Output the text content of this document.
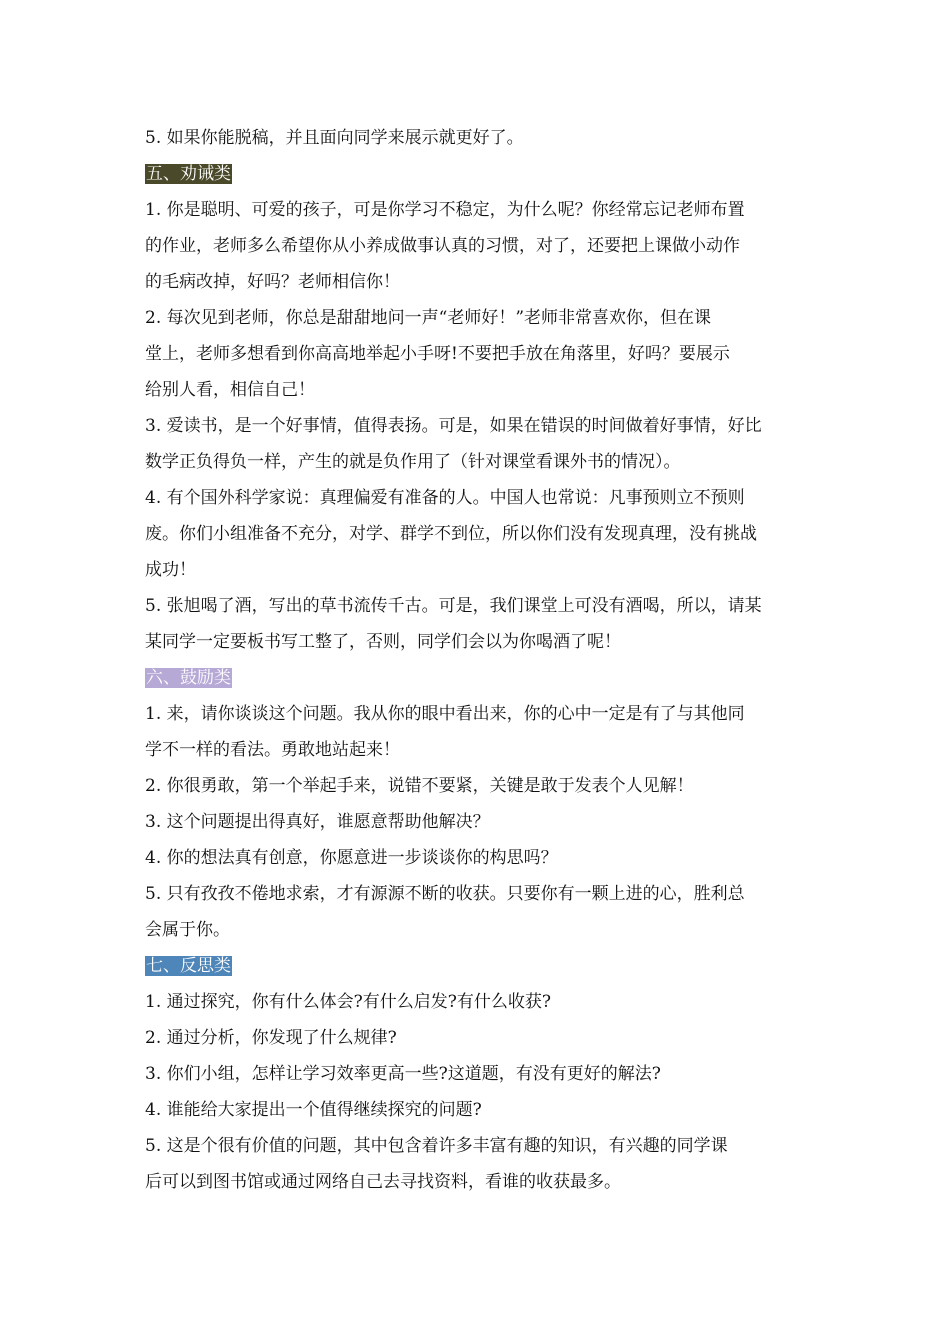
5. 如果你能脱稿，并且面向同学来展示就更好了。

五、劝诫类

1. 你是聪明、可爱的孩子，可是你学习不稳定，为什么呢？你经常忘记老师布置

的作业，老师多么希望你从小养成做事认真的习惯，对了，还要把上课做小动作

的毛病改掉，好吗？老师相信你！

2. 每次见到老师，你总是甜甜地问一声“老师好！”老师非常喜欢你，但在课

堂上，老师多想看到你高高地举起小手呀!不要把手放在角落里，好吗？要展示

给别人看，相信自己！

3. 爱读书，是一个好事情，值得表扬。可是，如果在错误的时间做着好事情，好比

数学正负得负一样，产生的就是负作用了（针对课堂看课外书的情况）。

4. 有个国外科学家说：真理偏爱有准备的人。中国人也常说：凡事预则立不预则

废。你们小组准备不充分，对学、群学不到位，所以你们没有发现真理，没有挑战

成功！

5. 张旭喝了酒，写出的草书流传千古。可是，我们课堂上可没有酒喝，所以，请某

某同学一定要板书写工整了，否则，同学们会以为你喝酒了呢！

六、鼓励类

1. 来，请你谈谈这个问题。我从你的眼中看出来，你的心中一定是有了与其他同

学不一样的看法。勇敢地站起来！

2. 你很勇敢，第一个举起手来，说错不要紧，关键是敢于发表个人见解！

3. 这个问题提出得真好，谁愿意帮助他解决？

4. 你的想法真有创意，你愿意进一步谈谈你的构思吗？

5. 只有孜孜不倦地求索，才有源源不断的收获。只要你有一颗上进的心，胜利总

会属于你。

七、反思类

1. 通过探究，你有什么体会?有什么启发?有什么收获?

2. 通过分析，你发现了什么规律?

3. 你们小组，怎样让学习效率更高一些?这道题，有没有更好的解法?

4. 谁能给大家提出一个值得继续探究的问题?

5. 这是个很有价值的问题，其中包含着许多丰富有趣的知识，有兴趣的同学课

后可以到图书馆或通过网络自己去寻找资料，看谁的收获最多。
